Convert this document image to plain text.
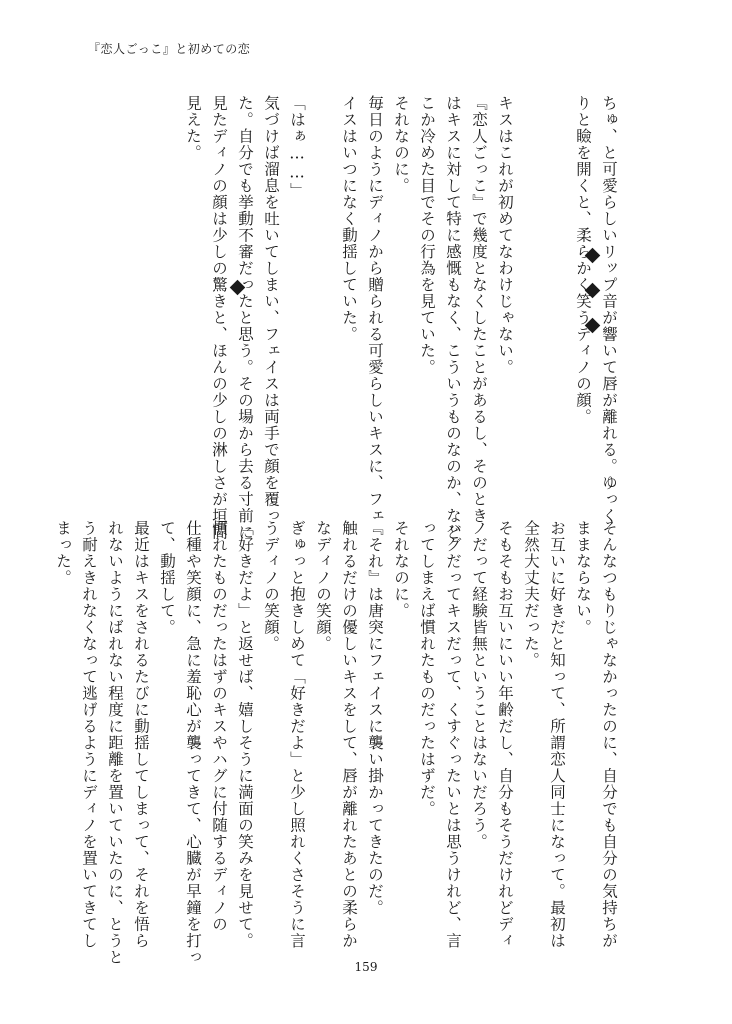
『恋人ごっこ』と初めての恋
ちゅ、と可愛らしいリップ音が響いて唇が離れる。ゆっく
りと瞼を開くと、柔らかく笑うディノの顔。
キスはこれが初めてなわけじゃない。
『恋人ごっこ』で幾度となくしたことがあるし、そのとき
はキスに対して特に感慨もなく、こういうものなのか、など
こか冷めた目でその行為を見ていた。
それなのに。
毎日のようにディノから贈られる可愛らしいキスに、フェ
イスはいつになく動揺していた。
「はぁ……」
気づけば溜息を吐いてしまい、フェイスは両手で顔を覆っ
た。自分でも挙動不審だったと思う。その場から去る寸前に
見たディノの顔は少しの驚きと、ほんの少しの淋しさが垣間
見えた。
そんなつもりじゃなかったのに、自分でも自分の気持ちが
ままならない。
お互いに好きだと知って、所謂恋人同士になって。最初は
全然大丈夫だった。
そもそもお互いにいい年齢だし、自分もそうだけれどディ
ノだって経験皆無ということはないだろう。
ハグだってキスだって、くすぐったいとは思うけれど、言
ってしまえば慣れたものだったはずだ。
それなのに。
『それ』は唐突にフェイスに襲い掛かってきたのだ。
触れるだけの優しいキスをして、唇が離れたあとの柔らか
なディノの笑顔。
ぎゅっと抱きしめて「好きだよ」と少し照れくさそうに言
うディノの笑顔。
「好きだよ」と返せば、嬉しそうに満面の笑みを見せて。
慣れたものだったはずのキスやハグに付随するディノの
仕種や笑顔に、急に羞恥心が襲ってきて、心臓が早鐘を打っ
て、動揺して。
最近はキスをされるたびに動揺してしまって、それを悟ら
れないようにばれない程度に距離を置いていたのに、とうと
う耐えきれなくなって逃げるようにディノを置いてきてし
まった。
159
